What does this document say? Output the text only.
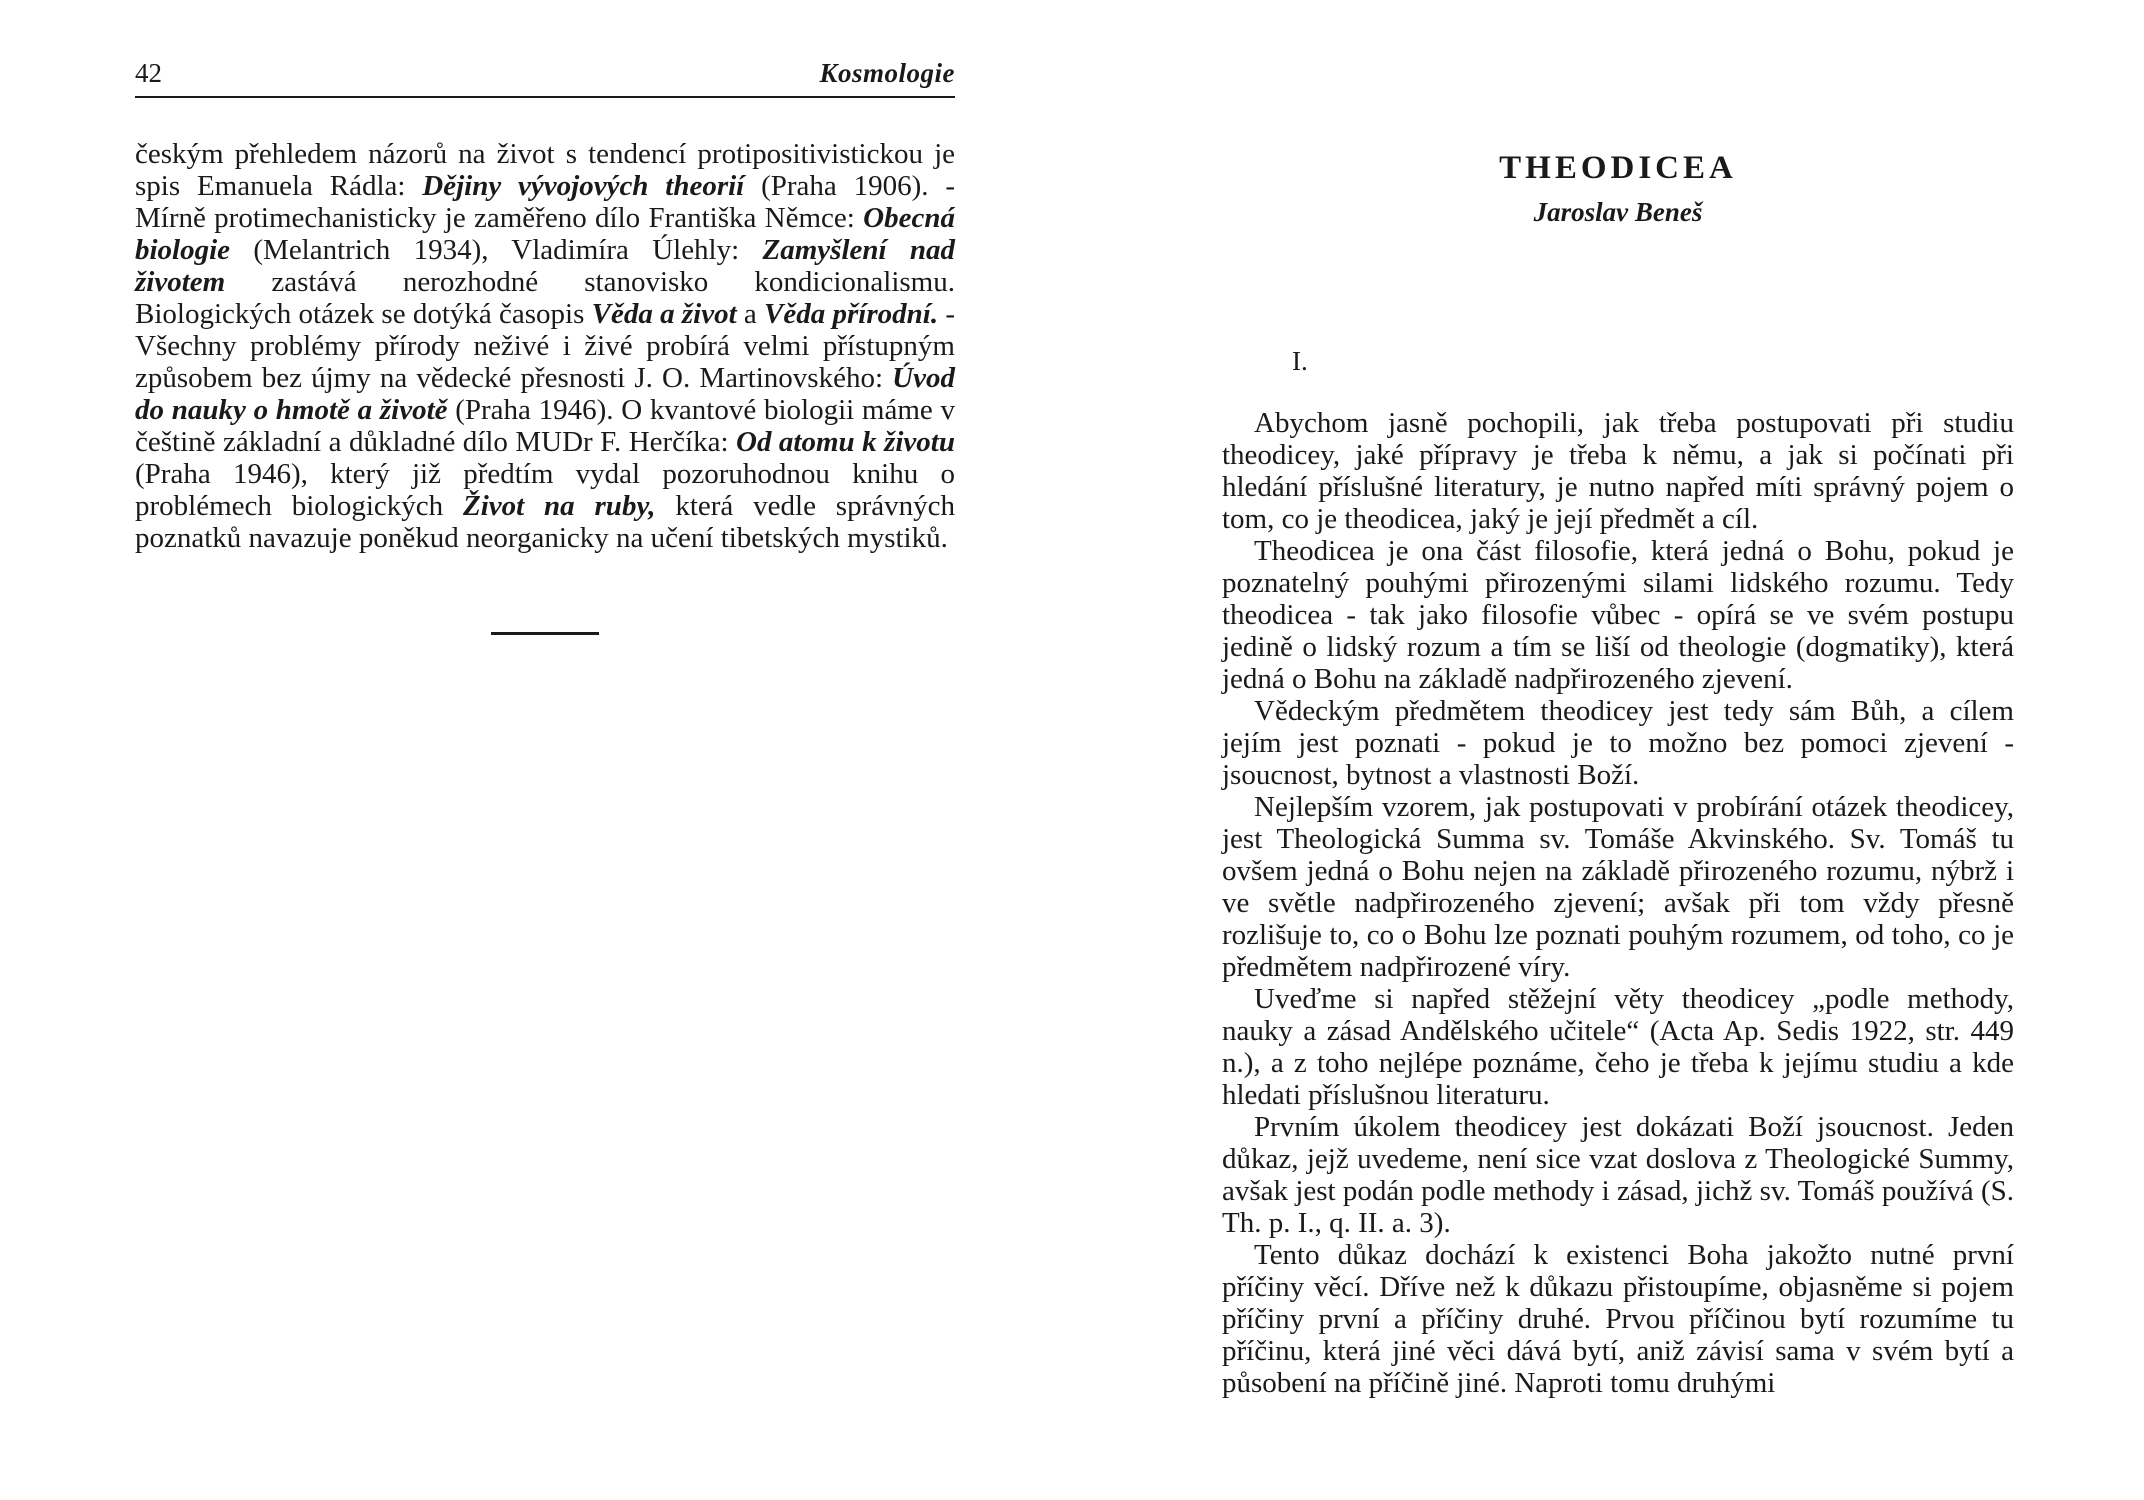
42	Kosmologie

českým přehledem názorů na život s tendencí protipositivistickou je spis Emanuela Rádla: Dějiny vývojových theorií (Praha 1906). - Mírně protimechanisticky je zaměřeno dílo Františka Němce: Obecná biologie (Melantrich 1934), Vladimíra Úlehly: Zamyšlení nad životem zastává nerozhodné stanovisko kondicionalismu. Biologických otázek se dotýká časopis Věda a život a Věda přírodní. - Všechny problémy přírody neživé i živé probírá velmi přístupným způsobem bez újmy na vědecké přesnosti J. O. Martinovského: Úvod do nauky o hmotě a životě (Praha 1946). O kvantové biologii máme v češtině základní a důkladné dílo MUDr F. Herčíka: Od atomu k životu (Praha 1946), který již předtím vydal pozoruhodnou knihu o problémech biologických Život na ruby, která vedle správných poznatků navazuje poněkud neorganicky na učení tibetských mystiků.

THEODICEA
Jaroslav Beneš
I.

Abychom jasně pochopili, jak třeba postupovati při studiu theodicey, jaké přípravy je třeba k němu, a jak si počínati při hledání příslušné literatury, je nutno napřed míti správný pojem o tom, co je theodicea, jaký je její předmět a cíl.

Theodicea je ona část filosofie, která jedná o Bohu, pokud je poznatelný pouhými přirozenými silami lidského rozumu. Tedy theodicea - tak jako filosofie vůbec - opírá se ve svém postupu jedině o lidský rozum a tím se liší od theologie (dogmatiky), která jedná o Bohu na základě nadpřirozeného zjevení.

Vědeckým předmětem theodicey jest tedy sám Bůh, a cílem jejím jest poznati - pokud je to možno bez pomoci zjevení - jsoucnost, bytnost a vlastnosti Boží.

Nejlepším vzorem, jak postupovati v probírání otázek theodicey, jest Theologická Summa sv. Tomáše Akvinského. Sv. Tomáš tu ovšem jedná o Bohu nejen na základě přirozeného rozumu, nýbrž i ve světle nadpřirozeného zjevení; avšak při tom vždy přesně rozlišuje to, co o Bohu lze poznati pouhým rozumem, od toho, co je předmětem nadpřirozené víry.

Uveďme si napřed stěžejní věty theodicey „podle methody, nauky a zásad Andělského učitele“ (Acta Ap. Sedis 1922, str. 449 n.), a z toho nejlépe poznáme, čeho je třeba k jejímu studiu a kde hledati příslušnou literaturu.

Prvním úkolem theodicey jest dokázati Boží jsoucnost. Jeden důkaz, jejž uvedeme, není sice vzat doslova z Theologické Summy, avšak jest podán podle methody i zásad, jichž sv. Tomáš používá (S. Th. p. I., q. II. a. 3).

Tento důkaz dochází k existenci Boha jakožto nutné první příčiny věcí. Dříve než k důkazu přistoupíme, objasněme si pojem příčiny první a příčiny druhé. Prvou příčinou bytí rozumíme tu příčinu, která jiné věci dává bytí, aniž závisí sama v svém bytí a působení na příčině jiné. Naproti tomu druhými
